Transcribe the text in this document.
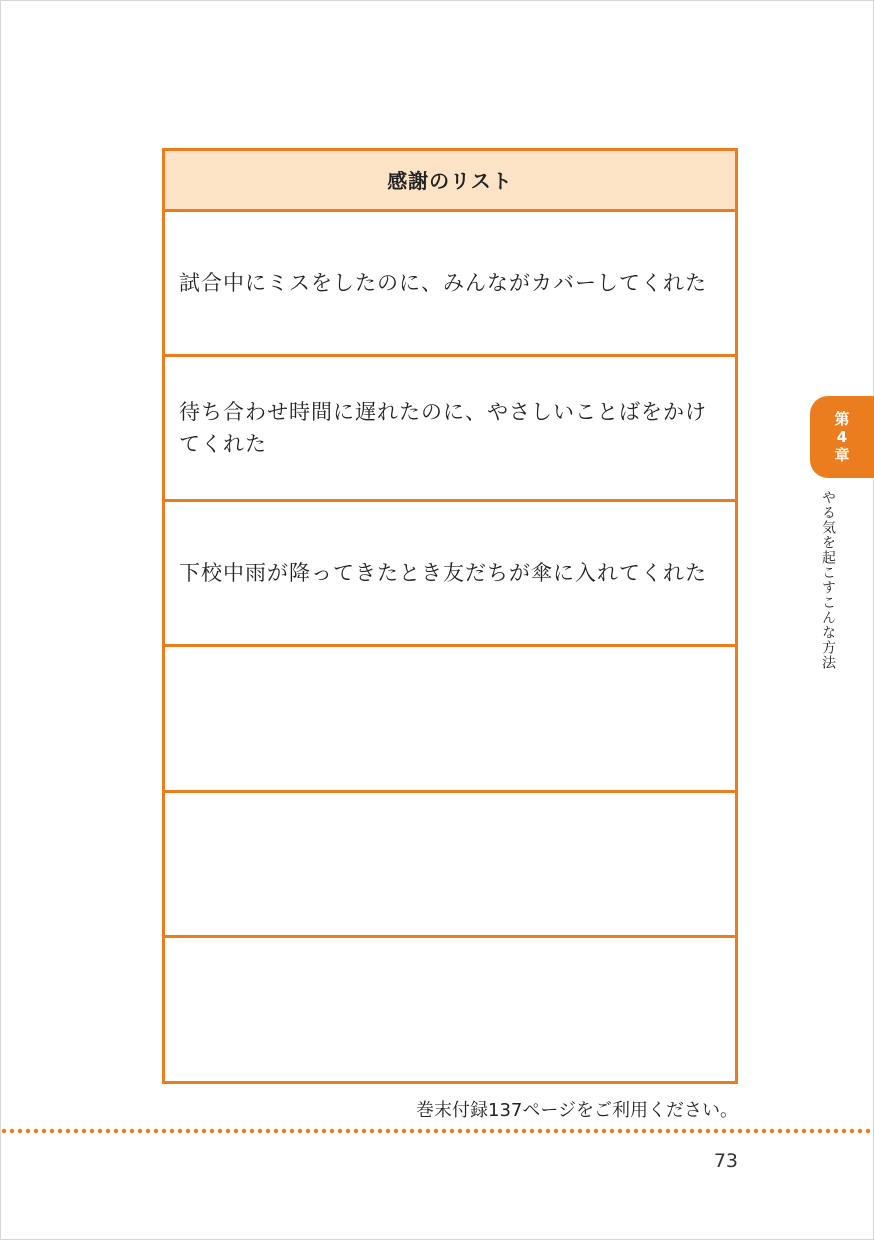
感謝のリスト
試合中にミスをしたのに、みんながカバーしてくれた
待ち合わせ時間に遅れたのに、やさしいことばをかけてくれた
下校中雨が降ってきたとき友だちが傘に入れてくれた
第
4
章
やる気を起こすこんな方法
巻末付録137ページをご利用ください。
73
